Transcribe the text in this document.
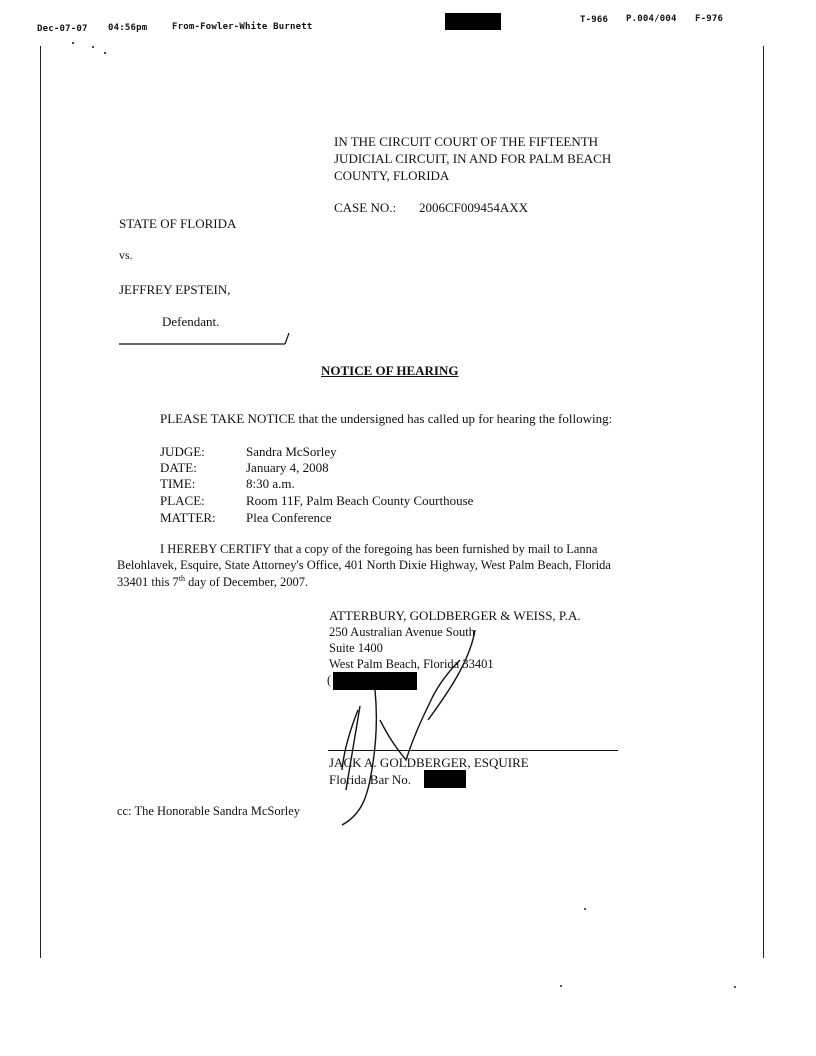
Dec-07-07 04:56pm	From-Fowler-White Burnett
T-966 P.004/004 F-976
IN THE CIRCUIT COURT OF THE FIFTEENTH
JUDICIAL CIRCUIT, IN AND FOR PALM BEACH
COUNTY, FLORIDA
CASE NO.: 2006CF009454AXX
STATE OF FLORIDA
vs.
JEFFREY EPSTEIN,
Defendant.
NOTICE OF HEARING
PLEASE TAKE NOTICE that the undersigned has called up for hearing the following:
JUDGE:	Sandra McSorley
DATE:	January 4, 2008
TIME:	8:30 a.m.
PLACE:	Room 11F, Palm Beach County Courthouse
MATTER: Plea Conference
I HEREBY CERTIFY that a copy of the foregoing has been furnished by mail to Lanna
Belohlavek, Esquire, State Attorney's Office, 401 North Dixie Highway, West Palm Beach, Florida
33401 this 7th day of December, 2007.
ATTERBURY, GOLDBERGER & WEISS, P.A.
250 Australian Avenue South
Suite 1400
West Palm Beach, Florida 33401
(
JACK A. GOLDBERGER, ESQUIRE
Florida Bar No.
cc: The Honorable Sandra McSorley
